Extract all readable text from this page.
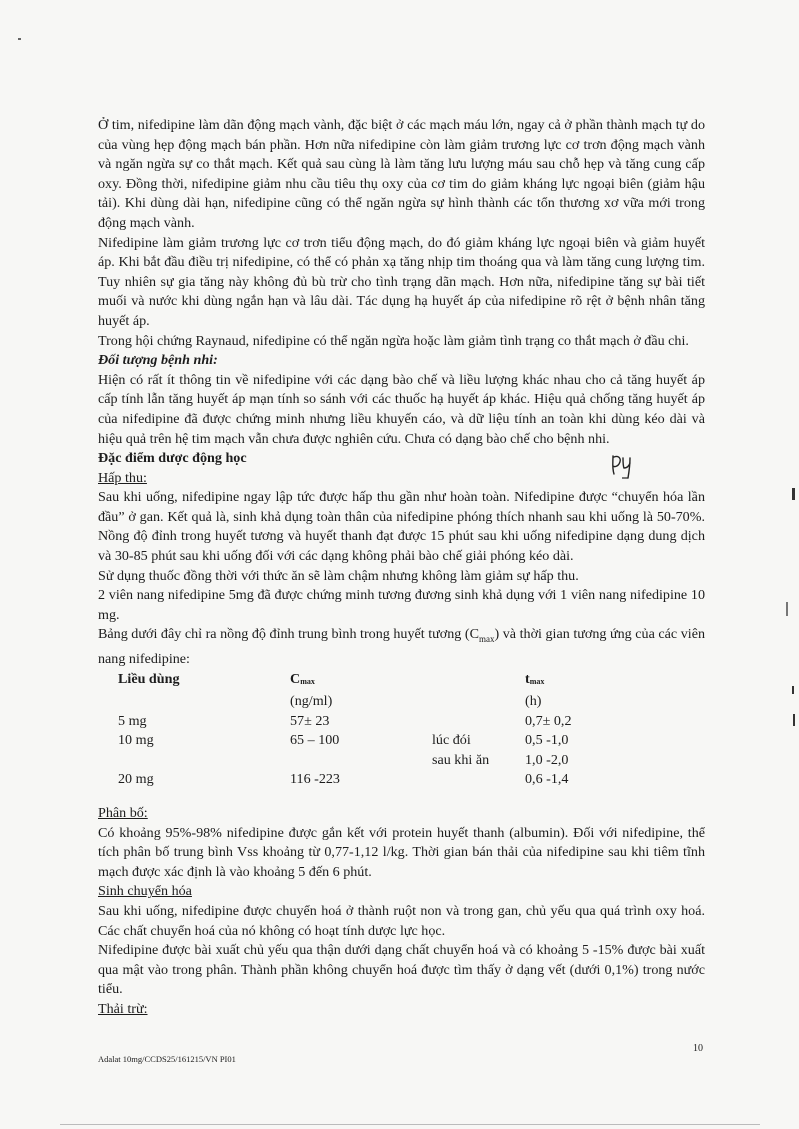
Ở tim, nifedipine làm dãn động mạch vành, đặc biệt ở các mạch máu lớn, ngay cả ở phần thành mạch tự do của vùng hẹp động mạch bán phần. Hơn nữa nifedipine còn làm giảm trương lực cơ trơn động mạch vành và ngăn ngừa sự co thắt mạch. Kết quả sau cùng là làm tăng lưu lượng máu sau chỗ hẹp và tăng cung cấp oxy. Đồng thời, nifedipine giảm nhu cầu tiêu thụ oxy của cơ tim do giảm kháng lực ngoại biên (giảm hậu tải). Khi dùng dài hạn, nifedipine cũng có thể ngăn ngừa sự hình thành các tổn thương xơ vữa mới trong động mạch vành.

Nifedipine làm giảm trương lực cơ trơn tiểu động mạch, do đó giảm kháng lực ngoại biên và giảm huyết áp. Khi bắt đầu điều trị nifedipine, có thể có phản xạ tăng nhịp tim thoáng qua và làm tăng cung lượng tim. Tuy nhiên sự gia tăng này không đủ bù trừ cho tình trạng dãn mạch. Hơn nữa, nifedipine tăng sự bài tiết muối và nước khi dùng ngắn hạn và lâu dài. Tác dụng hạ huyết áp của nifedipine rõ rệt ở bệnh nhân tăng huyết áp.

Trong hội chứng Raynaud, nifedipine có thể ngăn ngừa hoặc làm giảm tình trạng co thắt mạch ở đầu chi.

Đối tượng bệnh nhi:

Hiện có rất ít thông tin về nifedipine với các dạng bào chế và liều lượng khác nhau cho cả tăng huyết áp cấp tính lẫn tăng huyết áp mạn tính so sánh với các thuốc hạ huyết áp khác. Hiệu quả chống tăng huyết áp của nifedipine đã được chứng minh nhưng liều khuyến cáo, và dữ liệu tính an toàn khi dùng kéo dài và hiệu quả trên hệ tim mạch vẫn chưa được nghiên cứu. Chưa có dạng bào chế cho bệnh nhi.

Đặc điểm dược động học

Hấp thu:

Sau khi uống, nifedipine ngay lập tức được hấp thu gần như hoàn toàn. Nifedipine được “chuyển hóa lần đầu” ở gan. Kết quả là, sinh khả dụng toàn thân của nifedipine phóng thích nhanh sau khi uống là 50-70%. Nồng độ đỉnh trong huyết tương và huyết thanh đạt được 15 phút sau khi uống nifedipine dạng dung dịch và 30-85 phút sau khi uống đối với các dạng không phải bào chế giải phóng kéo dài.

Sử dụng thuốc đồng thời với thức ăn sẽ làm chậm nhưng không làm giảm sự hấp thu.

2 viên nang nifedipine 5mg đã được chứng minh tương đương sinh khả dụng với 1 viên nang nifedipine 10 mg.

Bảng dưới đây chỉ ra nồng độ đỉnh trung bình trong huyết tương $(C_{max})$ và thời gian tương ứng của các viên nang nifedipine:

Liều dùng	$C_{max}$		$t_{max}$
	(ng/ml)		(h)
5 mg	57± 23		0,7± 0,2
10 mg	65 – 100	lúc đói	0,5 -1,0
		sau khi ăn	1,0 -2,0
20 mg	116 -223		0,6 -1,4

Phân bố:

Có khoảng 95%-98% nifedipine được gắn kết với protein huyết thanh (albumin). Đối với nifedipine, thể tích phân bố trung bình Vss khoảng từ 0,77-1,12 l/kg. Thời gian bán thải của nifedipine sau khi tiêm tĩnh mạch được xác định là vào khoảng 5 đến 6 phút.

Sinh chuyển hóa

Sau khi uống, nifedipine được chuyển hoá ở thành ruột non và trong gan, chủ yếu qua quá trình oxy hoá. Các chất chuyển hoá của nó không có hoạt tính dược lực học.

Nifedipine được bài xuất chủ yếu qua thận dưới dạng chất chuyển hoá và có khoảng 5 -15% được bài xuất qua mật vào trong phân. Thành phần không chuyển hoá được tìm thấy ở dạng vết (dưới 0,1%) trong nước tiểu.

Thải trừ:

10
Adalat 10mg/CCDS25/161215/VN PI01
